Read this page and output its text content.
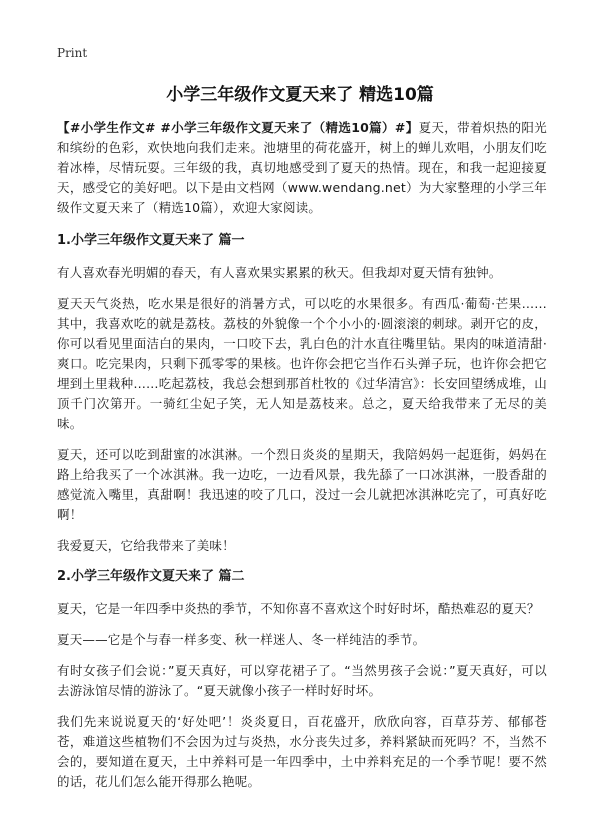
Print
小学三年级作文夏天来了 精选10篇

【#小学生作文# #小学三年级作文夏天来了（精选10篇）#】夏天，带着炽热的阳光和缤纷的色彩，欢快地向我们走来。池塘里的荷花盛开，树上的蝉儿欢唱，小朋友们吃着冰棒，尽情玩耍。三年级的我，真切地感受到了夏天的热情。现在，和我一起迎接夏天，感受它的美好吧。以下是由文档网（www.wendang.net）为大家整理的小学三年级作文夏天来了（精选10篇），欢迎大家阅读。

1.小学三年级作文夏天来了 篇一

有人喜欢春光明媚的春天，有人喜欢果实累累的秋天。但我却对夏天情有独钟。

夏天天气炎热，吃水果是很好的消暑方式，可以吃的水果很多。有西瓜·葡萄·芒果……其中，我喜欢吃的就是荔枝。荔枝的外貌像一个个小小的·圆滚滚的刺球。剥开它的皮，你可以看见里面洁白的果肉，一口咬下去，乳白色的汁水直往嘴里钻。果肉的味道清甜·爽口。吃完果肉，只剩下孤零零的果核。也许你会把它当作石头弹子玩，也许你会把它埋到土里栽种……吃起荔枝，我总会想到那首杜牧的《过华清宫》：长安回望绣成堆，山顶千门次第开。一骑红尘妃子笑，无人知是荔枝来。总之，夏天给我带来了无尽的美味。

夏天，还可以吃到甜蜜的冰淇淋。一个烈日炎炎的星期天，我陪妈妈一起逛街，妈妈在路上给我买了一个冰淇淋。我一边吃，一边看风景，我先舔了一口冰淇淋，一股香甜的感觉流入嘴里，真甜啊！我迅速的咬了几口，没过一会儿就把冰淇淋吃完了，可真好吃啊！

我爱夏天，它给我带来了美味！

2.小学三年级作文夏天来了 篇二

夏天，它是一年四季中炎热的季节，不知你喜不喜欢这个时好时坏，酷热难忍的夏天？

夏天——它是个与春一样多变、秋一样迷人、冬一样纯洁的季节。

有时女孩子们会说：”夏天真好，可以穿花裙子了。“当然男孩子会说：”夏天真好，可以去游泳馆尽情的游泳了。“夏天就像小孩子一样时好时坏。

我们先来说说夏天的‘好处吧’！炎炎夏日，百花盛开，欣欣向容，百草芬芳、郁郁苍苍，难道这些植物们不会因为过与炎热，水分丧失过多，养料紧缺而死吗？不，当然不会的，要知道在夏天，土中养料可是一年四季中，土中养料充足的一个季节呢！要不然的话，花儿们怎么能开得那么艳呢。
